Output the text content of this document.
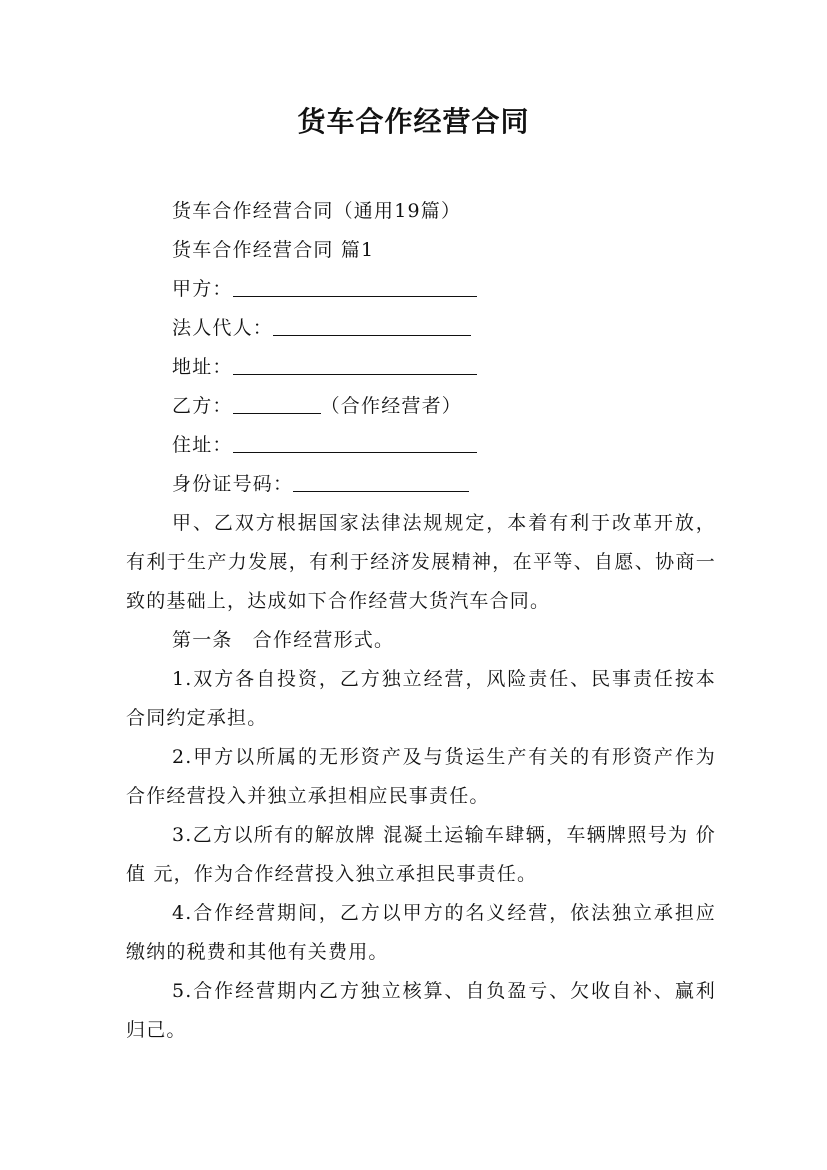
货车合作经营合同
货车合作经营合同（通用19篇）
货车合作经营合同 篇1
甲方：
法人代人：
地址：
乙方：	（合作经营者）
住址：
身份证号码：
甲、乙双方根据国家法律法规规定，本着有利于改革开放，有利于生产力发展，有利于经济发展精神，在平等、自愿、协商一致的基础上，达成如下合作经营大货汽车合同。
第一条　合作经营形式。
1.双方各自投资，乙方独立经营，风险责任、民事责任按本合同约定承担。
2.甲方以所属的无形资产及与货运生产有关的有形资产作为合作经营投入并独立承担相应民事责任。
3.乙方以所有的解放牌 混凝土运输车肆辆，车辆牌照号为 价值 元，作为合作经营投入独立承担民事责任。
4.合作经营期间，乙方以甲方的名义经营，依法独立承担应缴纳的税费和其他有关费用。
5.合作经营期内乙方独立核算、自负盈亏、欠收自补、赢利归己。
